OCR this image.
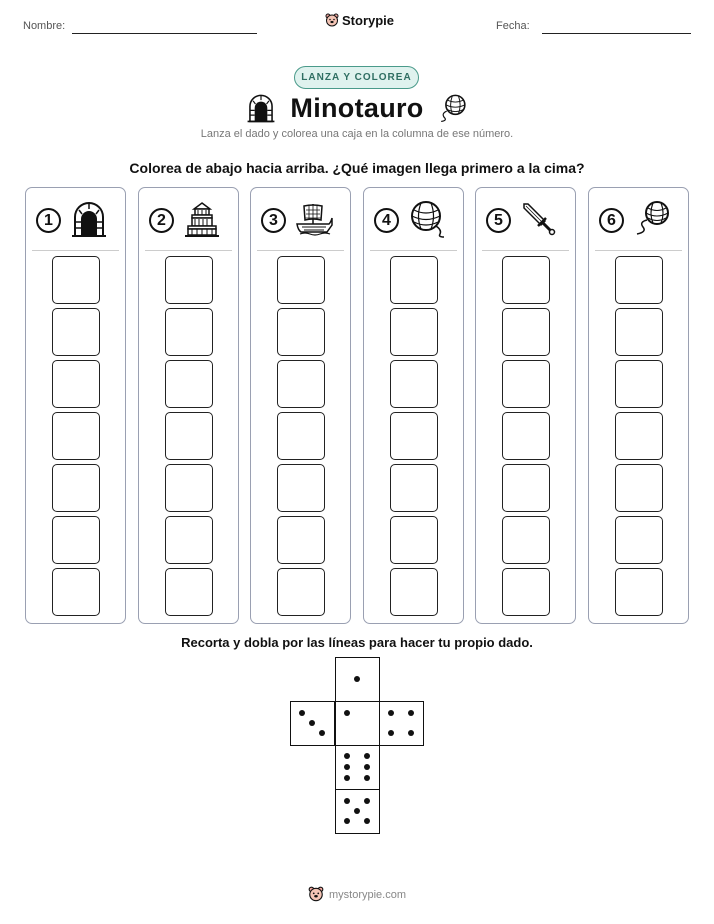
Nombre:	Storypie	Fecha:
LANZA Y COLOREA
Minotauro
Lanza el dado y colorea una caja en la columna de ese número.
Colorea de abajo hacia arriba. ¿Qué imagen llega primero a la cima?
1	2	3	4	5	6
Recorta y dobla por las líneas para hacer tu propio dado.
mystorypie.com
